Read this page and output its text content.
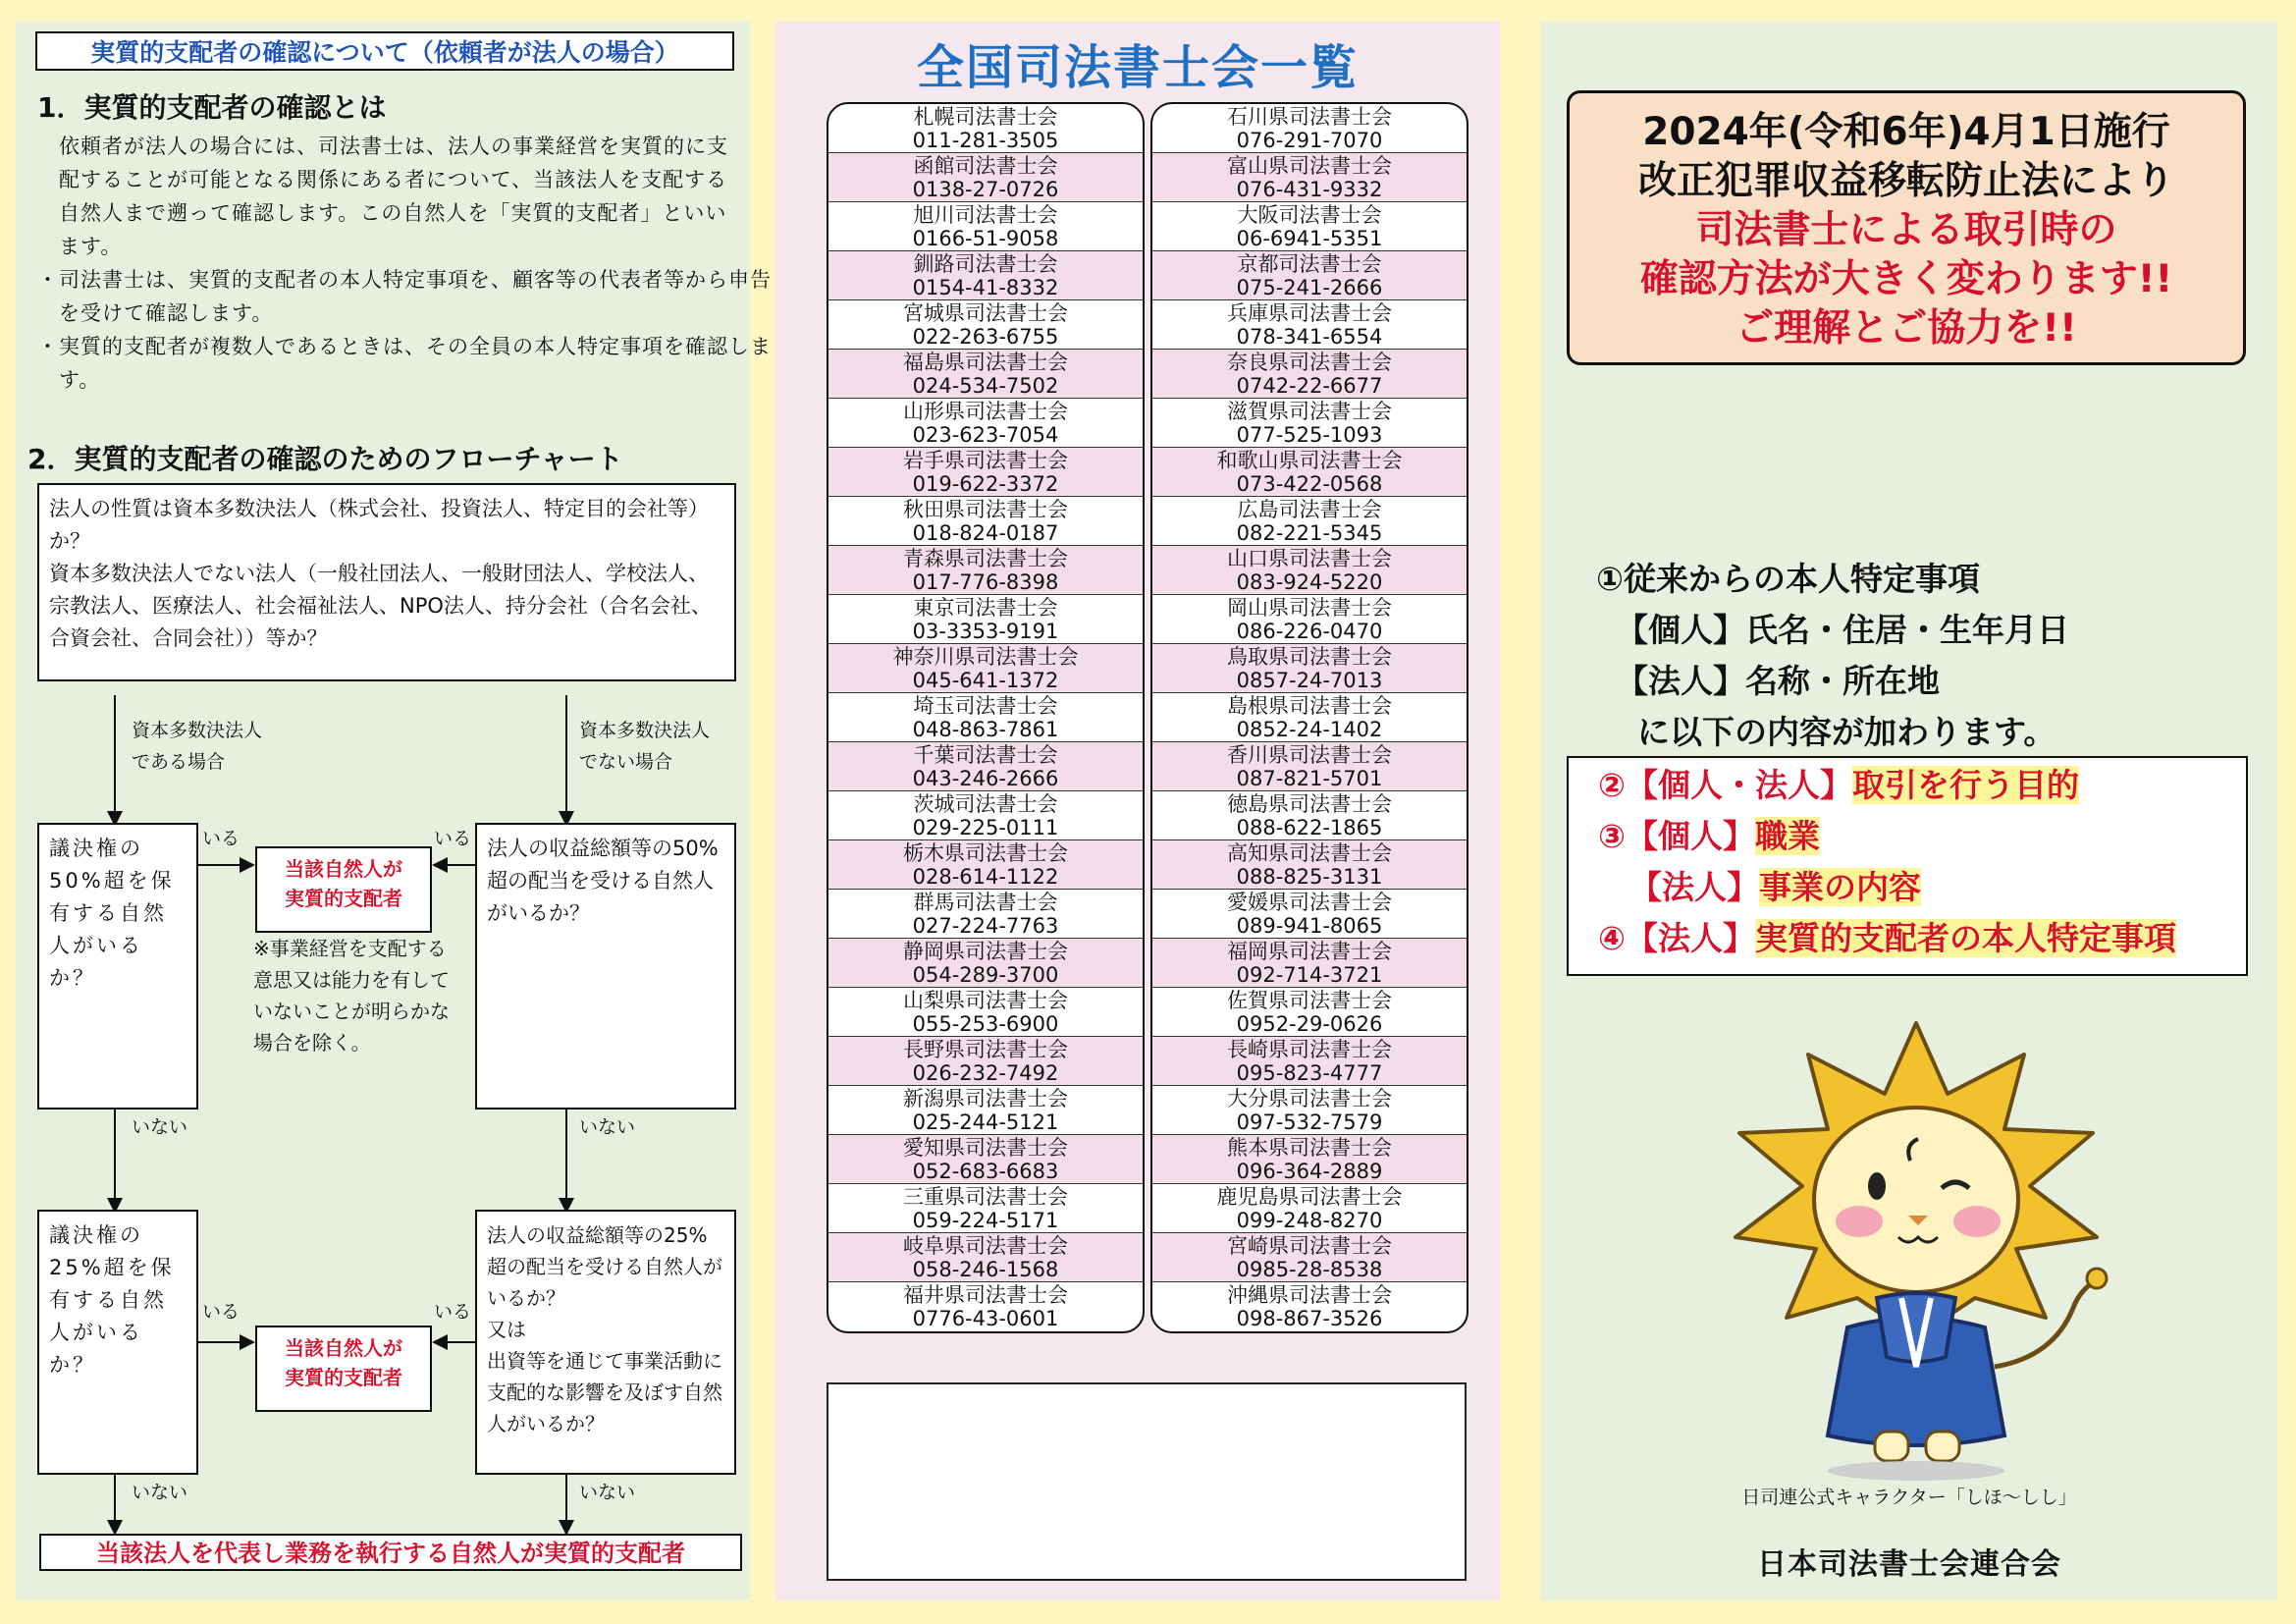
実質的支配者の確認について（依頼者が法人の場合）
1．実質的支配者の確認とは
依頼者が法人の場合には、司法書士は、法人の事業経営を実質的に支配することが可能となる関係にある者について、当該法人を支配する自然人まで遡って確認します。この自然人を「実質的支配者」といいます。
・司法書士は、実質的支配者の本人特定事項を、顧客等の代表者等から申告を受けて確認します。
・実質的支配者が複数人であるときは、その全員の本人特定事項を確認します。
2．実質的支配者の確認のためのフローチャート
法人の性質は資本多数決法人（株式会社、投資法人、特定目的会社等）か？
資本多数決法人でない法人（一般社団法人、一般財団法人、学校法人、宗教法人、医療法人、社会福祉法人、NPO法人、持分会社（合名会社、合資会社、合同会社））等か？
資本多数決法人
である場合
資本多数決法人
でない場合
議決権の50%超を保有する自然人がいるか？
法人の収益総額等の50%超の配当を受ける自然人がいるか？
いる	いる
当該自然人が
実質的支配者
※事業経営を支配する意思又は能力を有していないことが明らかな場合を除く。
いない	いない
議決権の25%超を保有する自然人がいるか？
法人の収益総額等の25%超の配当を受ける自然人がいるか？
又は
出資等を通じて事業活動に支配的な影響を及ぼす自然人がいるか？
いる	いる
当該自然人が
実質的支配者
いない	いない
当該法人を代表し業務を執行する自然人が実質的支配者
全国司法書士会一覧
札幌司法書士会
011-281-3505
函館司法書士会
0138-27-0726
旭川司法書士会
0166-51-9058
釧路司法書士会
0154-41-8332
宮城県司法書士会
022-263-6755
福島県司法書士会
024-534-7502
山形県司法書士会
023-623-7054
岩手県司法書士会
019-622-3372
秋田県司法書士会
018-824-0187
青森県司法書士会
017-776-8398
東京司法書士会
03-3353-9191
神奈川県司法書士会
045-641-1372
埼玉司法書士会
048-863-7861
千葉司法書士会
043-246-2666
茨城司法書士会
029-225-0111
栃木県司法書士会
028-614-1122
群馬司法書士会
027-224-7763
静岡県司法書士会
054-289-3700
山梨県司法書士会
055-253-6900
長野県司法書士会
026-232-7492
新潟県司法書士会
025-244-5121
愛知県司法書士会
052-683-6683
三重県司法書士会
059-224-5171
岐阜県司法書士会
058-246-1568
福井県司法書士会
0776-43-0601
石川県司法書士会
076-291-7070
富山県司法書士会
076-431-9332
大阪司法書士会
06-6941-5351
京都司法書士会
075-241-2666
兵庫県司法書士会
078-341-6554
奈良県司法書士会
0742-22-6677
滋賀県司法書士会
077-525-1093
和歌山県司法書士会
073-422-0568
広島司法書士会
082-221-5345
山口県司法書士会
083-924-5220
岡山県司法書士会
086-226-0470
鳥取県司法書士会
0857-24-7013
島根県司法書士会
0852-24-1402
香川県司法書士会
087-821-5701
徳島県司法書士会
088-622-1865
高知県司法書士会
088-825-3131
愛媛県司法書士会
089-941-8065
福岡県司法書士会
092-714-3721
佐賀県司法書士会
0952-29-0626
長崎県司法書士会
095-823-4777
大分県司法書士会
097-532-7579
熊本県司法書士会
096-364-2889
鹿児島県司法書士会
099-248-8270
宮崎県司法書士会
0985-28-8538
沖縄県司法書士会
098-867-3526
2024年(令和6年)4月1日施行
改正犯罪収益移転防止法により
司法書士による取引時の
確認方法が大きく変わります!!
ご理解とご協力を!!
①従来からの本人特定事項
【個人】氏名・住居・生年月日
【法人】名称・所在地
に以下の内容が加わります。
②【個人・法人】取引を行う目的
③【個人】職業
【法人】事業の内容
④【法人】実質的支配者の本人特定事項
日司連公式キャラクター「しほ～しし」
日本司法書士会連合会
